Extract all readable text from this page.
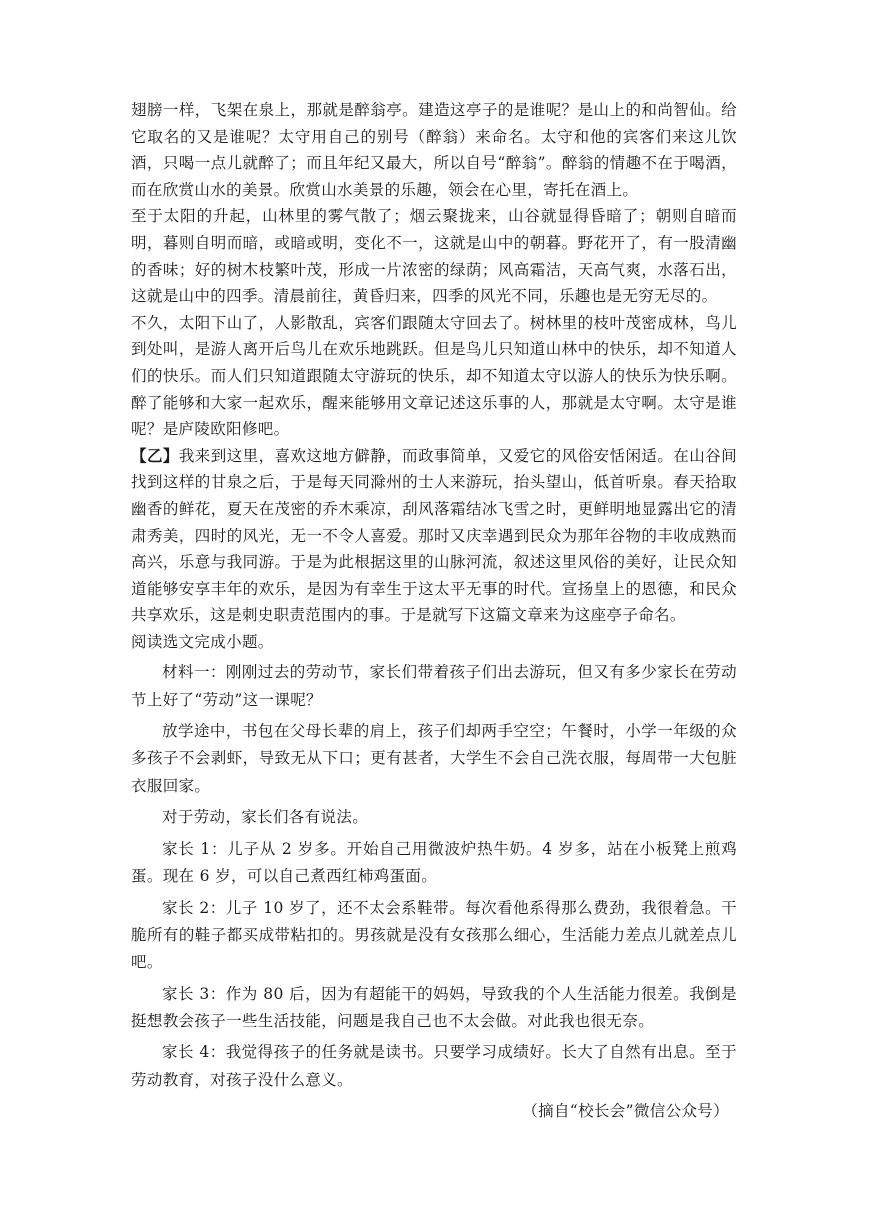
翅膀一样，飞架在泉上，那就是醉翁亭。建造这亭子的是谁呢？是山上的和尚智仙。给它取名的又是谁呢？太守用自己的别号（醉翁）来命名。太守和他的宾客们来这儿饮酒，只喝一点儿就醉了；而且年纪又最大，所以自号“醉翁”。醉翁的情趣不在于喝酒，而在欣赏山水的美景。欣赏山水美景的乐趣，领会在心里，寄托在酒上。

至于太阳的升起，山林里的雾气散了；烟云聚拢来，山谷就显得昏暗了；朝则自暗而明，暮则自明而暗，或暗或明，变化不一，这就是山中的朝暮。野花开了，有一股清幽的香味；好的树木枝繁叶茂，形成一片浓密的绿荫；风高霜洁，天高气爽，水落石出，这就是山中的四季。清晨前往，黄昏归来，四季的风光不同，乐趣也是无穷无尽的。

不久，太阳下山了，人影散乱，宾客们跟随太守回去了。树林里的枝叶茂密成林，鸟儿到处叫，是游人离开后鸟儿在欢乐地跳跃。但是鸟儿只知道山林中的快乐，却不知道人们的快乐。而人们只知道跟随太守游玩的快乐，却不知道太守以游人的快乐为快乐啊。醉了能够和大家一起欢乐，醒来能够用文章记述这乐事的人，那就是太守啊。太守是谁呢？是庐陵欧阳修吧。

【乙】我来到这里，喜欢这地方僻静，而政事简单，又爱它的风俗安恬闲适。在山谷间找到这样的甘泉之后，于是每天同滁州的士人来游玩，抬头望山，低首听泉。春天拾取幽香的鲜花，夏天在茂密的乔木乘凉，刮风落霜结冰飞雪之时，更鲜明地显露出它的清肃秀美，四时的风光，无一不令人喜爱。那时又庆幸遇到民众为那年谷物的丰收成熟而高兴，乐意与我同游。于是为此根据这里的山脉河流，叙述这里风俗的美好，让民众知道能够安享丰年的欢乐，是因为有幸生于这太平无事的时代。宣扬皇上的恩德，和民众共享欢乐，这是刺史职责范围内的事。于是就写下这篇文章来为这座亭子命名。

阅读选文完成小题。

材料一：刚刚过去的劳动节，家长们带着孩子们出去游玩，但又有多少家长在劳动节上好了“劳动”这一课呢？

放学途中，书包在父母长辈的肩上，孩子们却两手空空；午餐时，小学一年级的众多孩子不会剥虾，导致无从下口；更有甚者，大学生不会自己洗衣服，每周带一大包脏衣服回家。

对于劳动，家长们各有说法。

家长 1：儿子从 2 岁多。开始自己用微波炉热牛奶。4 岁多，站在小板凳上煎鸡蛋。现在 6 岁，可以自己煮西红柿鸡蛋面。

家长 2：儿子 10 岁了，还不太会系鞋带。每次看他系得那么费劲，我很着急。干脆所有的鞋子都买成带粘扣的。男孩就是没有女孩那么细心，生活能力差点儿就差点儿吧。

家长 3：作为 80 后，因为有超能干的妈妈，导致我的个人生活能力很差。我倒是挺想教会孩子一些生活技能，问题是我自己也不太会做。对此我也很无奈。

家长 4：我觉得孩子的任务就是读书。只要学习成绩好。长大了自然有出息。至于劳动教育，对孩子没什么意义。

（摘自“校长会”微信公众号）
